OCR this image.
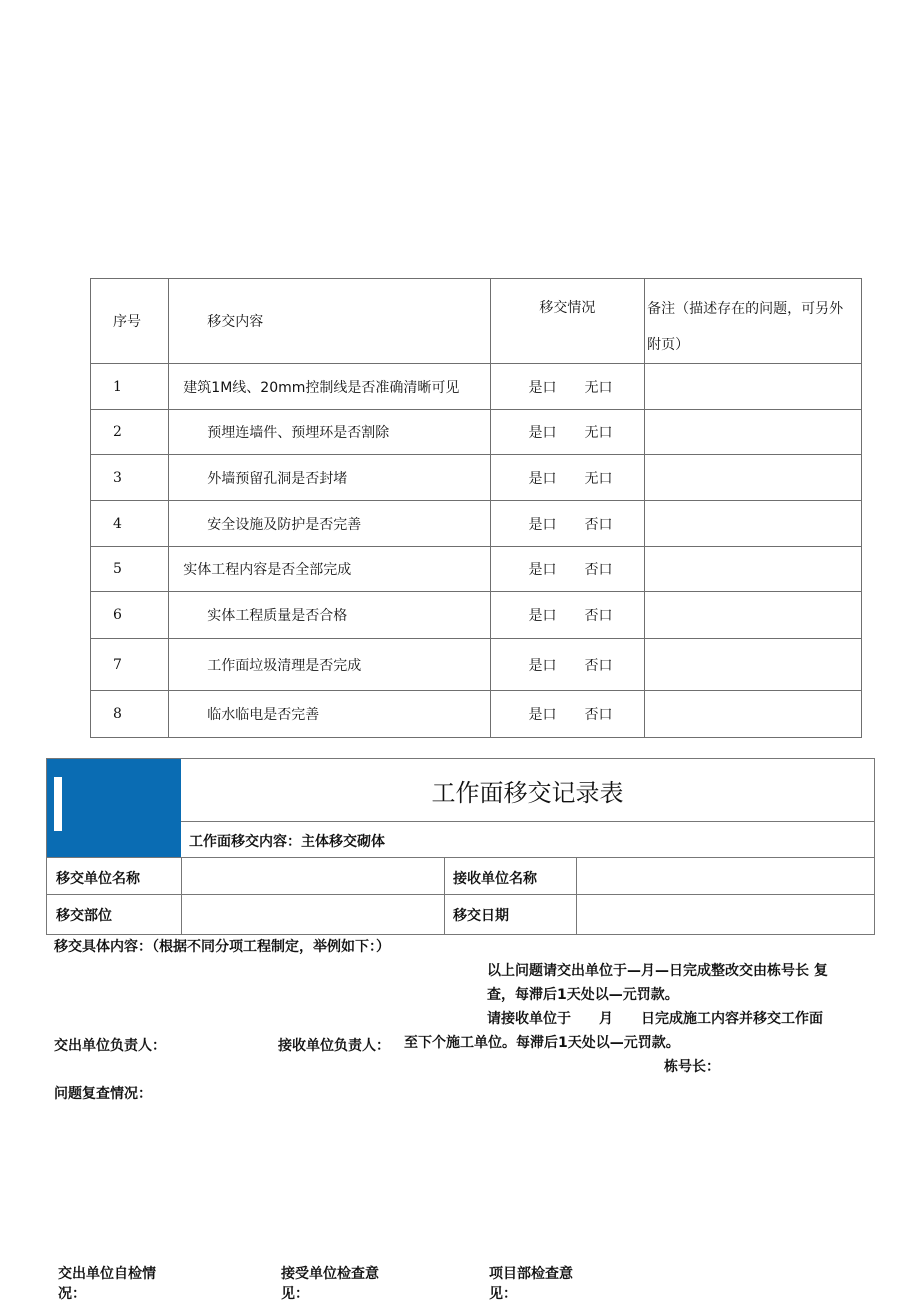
序号	移交内容	移交情况	备注（描述存在的问题，可另外附页）
1	建筑1M线、20mm控制线是否准确清晰可见	是口 无口	
2	预埋连墙件、预埋环是否割除	是口 无口	
3	外墙预留孔洞是否封堵	是口 无口	
4	安全设施及防护是否完善	是口 否口	
5	实体工程内容是否全部完成	是口 否口	
6	实体工程质量是否合格	是口 否口	
7	工作面垃圾清理是否完成	是口 否口	
8	临水临电是否完善	是口 否口	
工作面移交记录表
工作面移交内容：主体移交砌体
移交单位名称	接收单位名称
移交部位	移交日期
移交具体内容：（根据不同分项工程制定，举例如下：）
以上问题请交出单位于—月—日完成整改交由栋号长 复
查，每滞后1天处以—元罚款。
请接收单位于　　月　　日完成施工内容并移交工作面
至下个施工单位。每滞后1天处以—元罚款。
栋号长：
交出单位负责人：	接收单位负责人：
问题复查情况：
交出单位自检情
况：
接受单位检查意
见：
项目部检查意
见：
